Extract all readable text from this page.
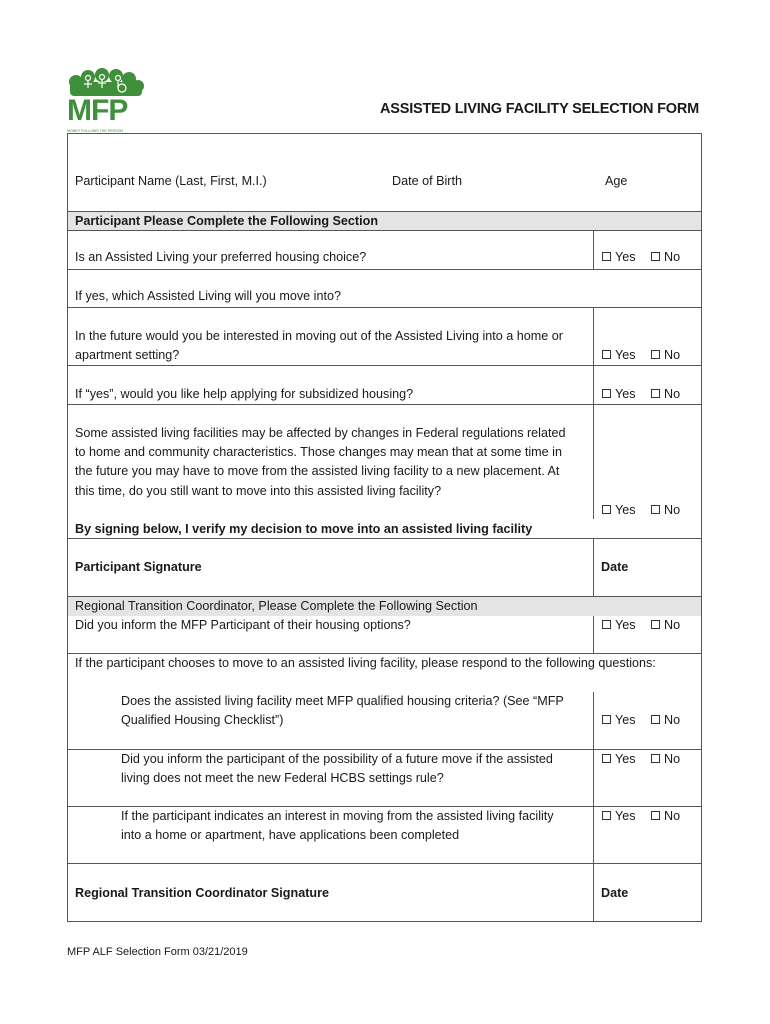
MFP
MONEY FOLLOWS THE PERSON
ASSISTED LIVING FACILITY SELECTION FORM
Participant Name (Last, First, M.I.)	Date of Birth	Age
Participant Please Complete the Following Section
Is an Assisted Living your preferred housing choice?	Yes No
If yes, which Assisted Living will you move into?
In the future would you be interested in moving out of the Assisted Living into a home or apartment setting?	Yes No
If “yes”, would you like help applying for subsidized housing?	Yes No
Some assisted living facilities may be affected by changes in Federal regulations related to home and community characteristics. Those changes may mean that at some time in the future you may have to move from the assisted living facility to a new placement. At this time, do you still want to move into this assisted living facility?
Yes No
By signing below, I verify my decision to move into an assisted living facility
Participant Signature	Date
Regional Transition Coordinator, Please Complete the Following Section
Did you inform the MFP Participant of their housing options?	Yes No
If the participant chooses to move to an assisted living facility, please respond to the following questions:
Does the assisted living facility meet MFP qualified housing criteria? (See “MFP Qualified Housing Checklist”)	Yes No
Did you inform the participant of the possibility of a future move if the assisted living does not meet the new Federal HCBS settings rule?
Yes No
If the participant indicates an interest in moving from the assisted living facility into a home or apartment, have applications been completed
Yes No
Regional Transition Coordinator Signature	Date
MFP ALF Selection Form 03/21/2019
